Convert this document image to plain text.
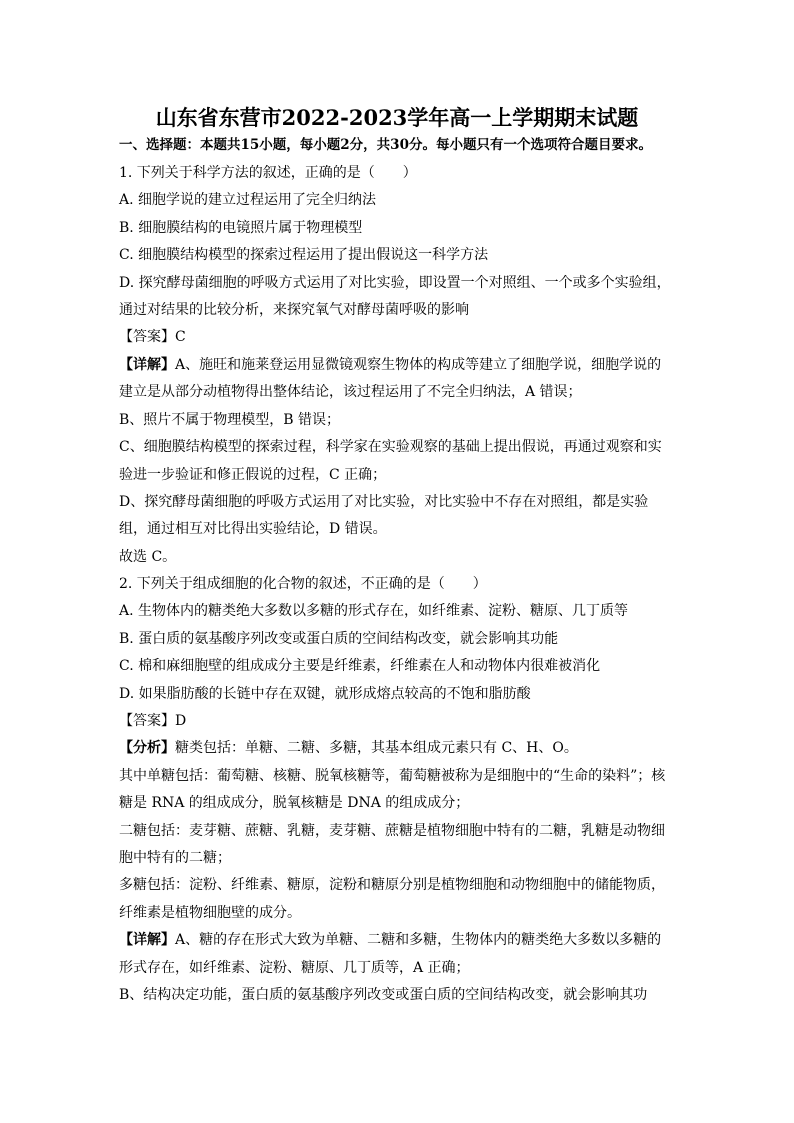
山东省东营市2022-2023学年高一上学期期末试题
一、选择题：本题共15小题，每小题2分，共30分。每小题只有一个选项符合题目要求。
1. 下列关于科学方法的叙述，正确的是（　　）
A. 细胞学说的建立过程运用了完全归纳法
B. 细胞膜结构的电镜照片属于物理模型
C. 细胞膜结构模型的探索过程运用了提出假说这一科学方法
D. 探究酵母菌细胞的呼吸方式运用了对比实验，即设置一个对照组、一个或多个实验组，
通过对结果的比较分析，来探究氧气对酵母菌呼吸的影响
【答案】C
【详解】A、施旺和施莱登运用显微镜观察生物体的构成等建立了细胞学说，细胞学说的
建立是从部分动植物得出整体结论，该过程运用了不完全归纳法，A 错误；
B、照片不属于物理模型，B 错误；
C、细胞膜结构模型的探索过程，科学家在实验观察的基础上提出假说，再通过观察和实
验进一步验证和修正假说的过程，C 正确；
D、探究酵母菌细胞的呼吸方式运用了对比实验，对比实验中不存在对照组，都是实验
组，通过相互对比得出实验结论，D 错误。
故选 C。
2. 下列关于组成细胞的化合物的叙述，不正确的是（　　）
A. 生物体内的糖类绝大多数以多糖的形式存在，如纤维素、淀粉、糖原、几丁质等
B. 蛋白质的氨基酸序列改变或蛋白质的空间结构改变，就会影响其功能
C. 棉和麻细胞壁的组成成分主要是纤维素，纤维素在人和动物体内很难被消化
D. 如果脂肪酸的长链中存在双键，就形成熔点较高的不饱和脂肪酸
【答案】D
【分析】糖类包括：单糖、二糖、多糖，其基本组成元素只有 C、H、O。
其中单糖包括：葡萄糖、核糖、脱氧核糖等，葡萄糖被称为是细胞中的“生命的染料”；核
糖是 RNA 的组成成分，脱氧核糖是 DNA 的组成成分；
二糖包括：麦芽糖、蔗糖、乳糖，麦芽糖、蔗糖是植物细胞中特有的二糖，乳糖是动物细
胞中特有的二糖；
多糖包括：淀粉、纤维素、糖原，淀粉和糖原分别是植物细胞和动物细胞中的储能物质，
纤维素是植物细胞壁的成分。
【详解】A、糖的存在形式大致为单糖、二糖和多糖，生物体内的糖类绝大多数以多糖的
形式存在，如纤维素、淀粉、糖原、几丁质等，A 正确；
B、结构决定功能，蛋白质的氨基酸序列改变或蛋白质的空间结构改变，就会影响其功
